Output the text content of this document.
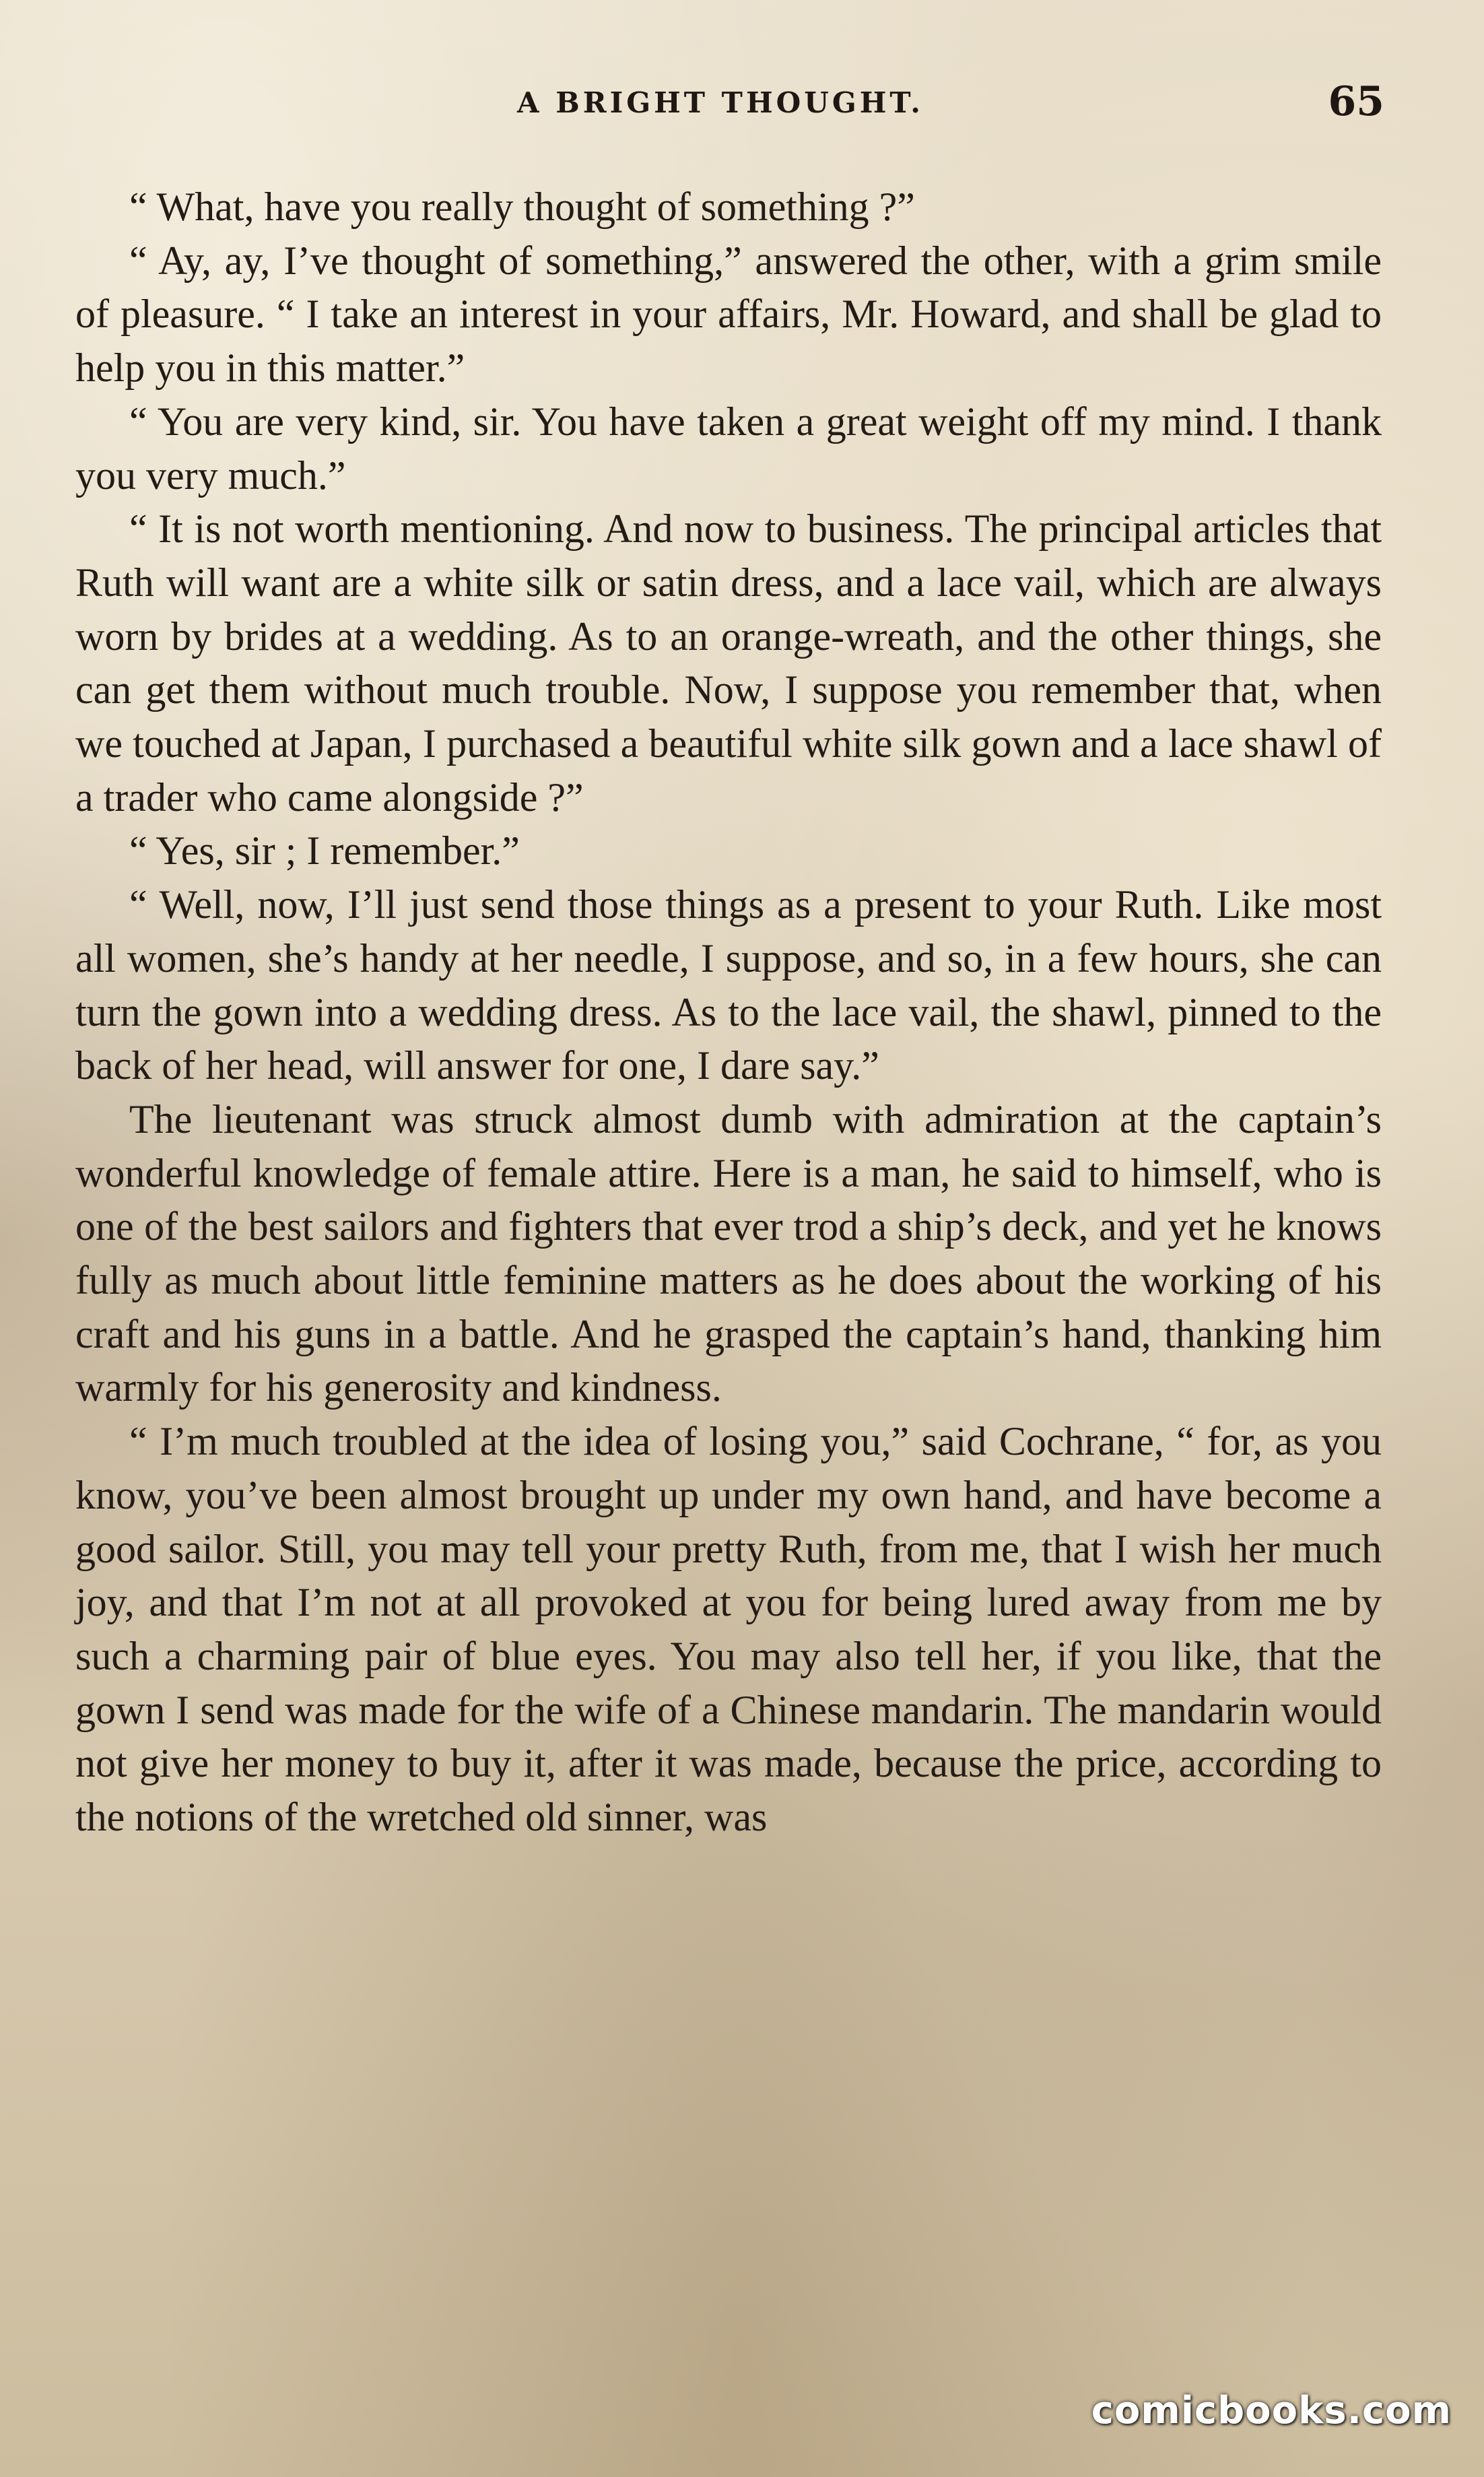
A BRIGHT THOUGHT.	65

“ What, have you really thought of something ?”

“ Ay, ay, I’ve thought of something,” answered the other, with a grim smile of pleasure. “ I take an interest in your affairs, Mr. Howard, and shall be glad to help you in this matter.”

“ You are very kind, sir. You have taken a great weight off my mind. I thank you very much.”

“ It is not worth mentioning. And now to business. The principal articles that Ruth will want are a white silk or satin dress, and a lace vail, which are always worn by brides at a wedding. As to an orange-wreath, and the other things, she can get them without much trouble. Now, I suppose you remember that, when we touched at Japan, I purchased a beautiful white silk gown and a lace shawl of a trader who came alongside ?”

“ Yes, sir ; I remember.”

“ Well, now, I’ll just send those things as a present to your Ruth. Like most all women, she’s handy at her needle, I suppose, and so, in a few hours, she can turn the gown into a wedding dress. As to the lace vail, the shawl, pinned to the back of her head, will answer for one, I dare say.”

The lieutenant was struck almost dumb with admiration at the captain’s wonderful knowledge of female attire. Here is a man, he said to himself, who is one of the best sailors and fighters that ever trod a ship’s deck, and yet he knows fully as much about little feminine matters as he does about the working of his craft and his guns in a battle. And he grasped the captain’s hand, thanking him warmly for his generosity and kindness.

“ I’m much troubled at the idea of losing you,” said Cochrane, “ for, as you know, you’ve been almost brought up under my own hand, and have become a good sailor. Still, you may tell your pretty Ruth, from me, that I wish her much joy, and that I’m not at all provoked at you for being lured away from me by such a charming pair of blue eyes. You may also tell her, if you like, that the gown I send was made for the wife of a Chinese mandarin. The mandarin would not give her money to buy it, after it was made, because the price, according to the notions of the wretched old sinner, was

comicbooks.com
